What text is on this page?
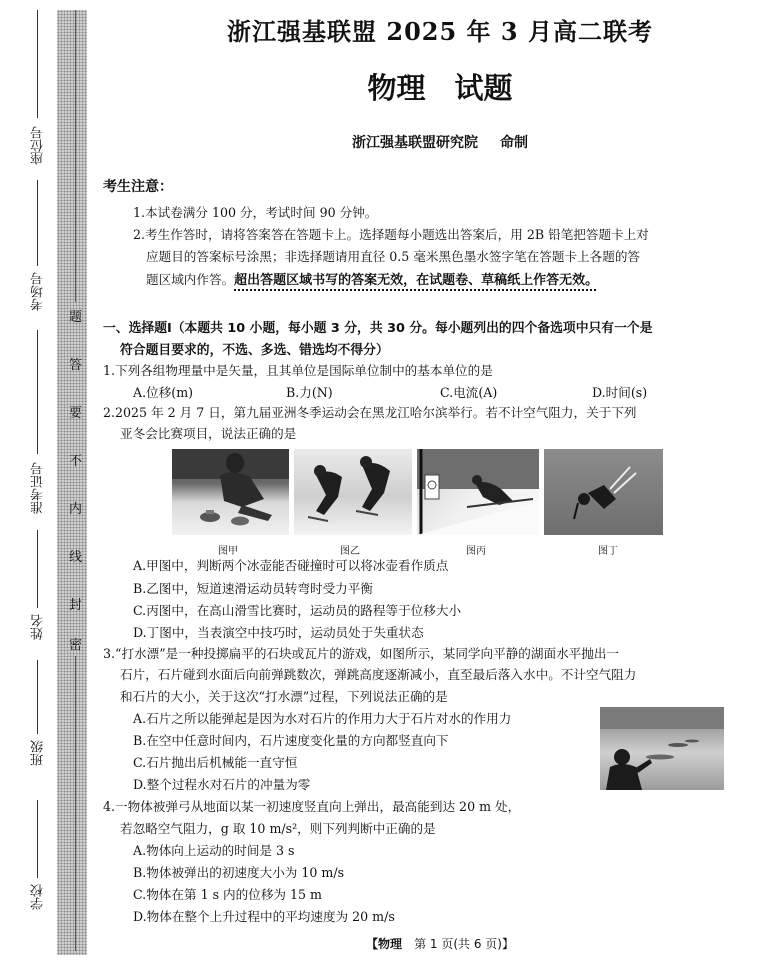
座位号
考场号
准考证号
姓名
班级
学校
题
答
要
不
内
线
封
密
浙江强基联盟 2025 年 3 月高二联考
物理　试题
浙江强基联盟研究院 命制
考生注意：
1.本试卷满分 100 分，考试时间 90 分钟。
2.考生作答时，请将答案答在答题卡上。选择题每小题选出答案后，用 2B 铅笔把答题卡上对
应题目的答案标号涂黑；非选择题请用直径 0.5 毫米黑色墨水签字笔在答题卡上各题的答
题区域内作答。超出答题区域书写的答案无效，在试题卷、草稿纸上作答无效。
一、选择题Ⅰ（本题共 10 小题，每小题 3 分，共 30 分。每小题列出的四个备选项中只有一个是
符合题目要求的，不选、多选、错选均不得分）
1.下列各组物理量中是矢量，且其单位是国际单位制中的基本单位的是
A.位移(m)	B.力(N)	C.电流(A)	D.时间(s)
2.2025 年 2 月 7 日，第九届亚洲冬季运动会在黑龙江哈尔滨举行。若不计空气阻力，关于下列
亚冬会比赛项目，说法正确的是
图甲	图乙	图丙	图丁
A.甲图中，判断两个冰壶能否碰撞时可以将冰壶看作质点
B.乙图中，短道速滑运动员转弯时受力平衡
C.丙图中，在高山滑雪比赛时，运动员的路程等于位移大小
D.丁图中，当表演空中技巧时，运动员处于失重状态
3.“打水漂”是一种投掷扁平的石块或瓦片的游戏，如图所示，某同学向平静的湖面水平抛出一
石片，石片碰到水面后向前弹跳数次，弹跳高度逐渐减小，直至最后落入水中。不计空气阻力
和石片的大小，关于这次“打水漂”过程，下列说法正确的是
A.石片之所以能弹起是因为水对石片的作用力大于石片对水的作用力
B.在空中任意时间内，石片速度变化量的方向都竖直向下
C.石片抛出后机械能一直守恒
D.整个过程水对石片的冲量为零
4.一物体被弹弓从地面以某一初速度竖直向上弹出，最高能到达 20 m 处，
若忽略空气阻力，g 取 10 m/s²，则下列判断中正确的是
A.物体向上运动的时间是 3 s
B.物体被弹出的初速度大小为 10 m/s
C.物体在第 1 s 内的位移为 15 m
D.物体在整个上升过程中的平均速度为 20 m/s
【物理　 第 1 页(共 6 页)】
